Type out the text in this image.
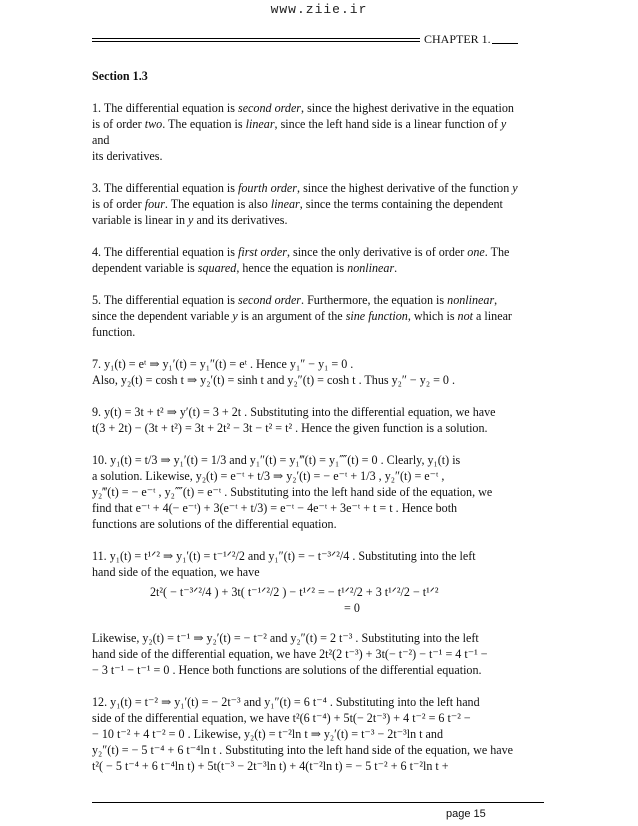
www.ziie.ir
CHAPTER 1.
Section 1.3
1. The differential equation is second order, since the highest derivative in the equation
is of order two. The equation is linear, since the left hand side is a linear function of y
and
its derivatives.
3. The differential equation is fourth order, since the highest derivative of the function y
is of order four. The equation is also linear, since the terms containing the dependent
variable is linear in y and its derivatives.
4. The differential equation is first order, since the only derivative is of order one. The
dependent variable is squared, hence the equation is nonlinear.
5. The differential equation is second order. Furthermore, the equation is nonlinear,
since the dependent variable y is an argument of the sine function, which is not a linear
function.
7. y₁(t) = eᵗ ⇒ y₁′(t) = y₁″(t) = eᵗ . Hence y₁″ − y₁ = 0 .
Also, y₂(t) = cosh t ⇒ y₂′(t) = sinh t and y₂″(t) = cosh t . Thus y₂″ − y₂ = 0 .
9. y(t) = 3t + t² ⇒ y′(t) = 3 + 2t . Substituting into the differential equation, we have
t(3 + 2t) − (3t + t²) = 3t + 2t² − 3t − t² = t² . Hence the given function is a solution.
10. y₁(t) = t/3 ⇒ y₁′(t) = 1/3 and y₁″(t) = y₁‴(t) = y₁⁗(t) = 0 . Clearly, y₁(t) is
a solution. Likewise, y₂(t) = e⁻ᵗ + t/3 ⇒ y₂′(t) = − e⁻ᵗ + 1/3 , y₂″(t) = e⁻ᵗ ,
y₂‴(t) = − e⁻ᵗ , y₂⁗(t) = e⁻ᵗ . Substituting into the left hand side of the equation, we
find that e⁻ᵗ + 4(− e⁻ᵗ) + 3(e⁻ᵗ + t/3) = e⁻ᵗ − 4e⁻ᵗ + 3e⁻ᵗ + t = t . Hence both
functions are solutions of the differential equation.
11. y₁(t) = t¹ᐟ² ⇒ y₁′(t) = t⁻¹ᐟ²/2 and y₁″(t) = − t⁻³ᐟ²/4 . Substituting into the left
hand side of the equation, we have
2t²( − t⁻³ᐟ²/4 ) + 3t( t⁻¹ᐟ²/2 ) − t¹ᐟ² = − t¹ᐟ²/2 + 3 t¹ᐟ²/2 − t¹ᐟ²
= 0
Likewise, y₂(t) = t⁻¹ ⇒ y₂′(t) = − t⁻² and y₂″(t) = 2 t⁻³ . Substituting into the left
hand side of the differential equation, we have 2t²(2 t⁻³) + 3t(− t⁻²) − t⁻¹ = 4 t⁻¹ −
− 3 t⁻¹ − t⁻¹ = 0 . Hence both functions are solutions of the differential equation.
12. y₁(t) = t⁻² ⇒ y₁′(t) = − 2t⁻³ and y₁″(t) = 6 t⁻⁴ . Substituting into the left hand
side of the differential equation, we have t²(6 t⁻⁴) + 5t(− 2t⁻³) + 4 t⁻² = 6 t⁻² −
− 10 t⁻² + 4 t⁻² = 0 . Likewise, y₂(t) = t⁻²ln t ⇒ y₂′(t) = t⁻³ − 2t⁻³ln t and
y₂″(t) = − 5 t⁻⁴ + 6 t⁻⁴ln t . Substituting into the left hand side of the equation, we have
t²( − 5 t⁻⁴ + 6 t⁻⁴ln t) + 5t(t⁻³ − 2t⁻³ln t) + 4(t⁻²ln t) = − 5 t⁻² + 6 t⁻²ln t +
page 15
